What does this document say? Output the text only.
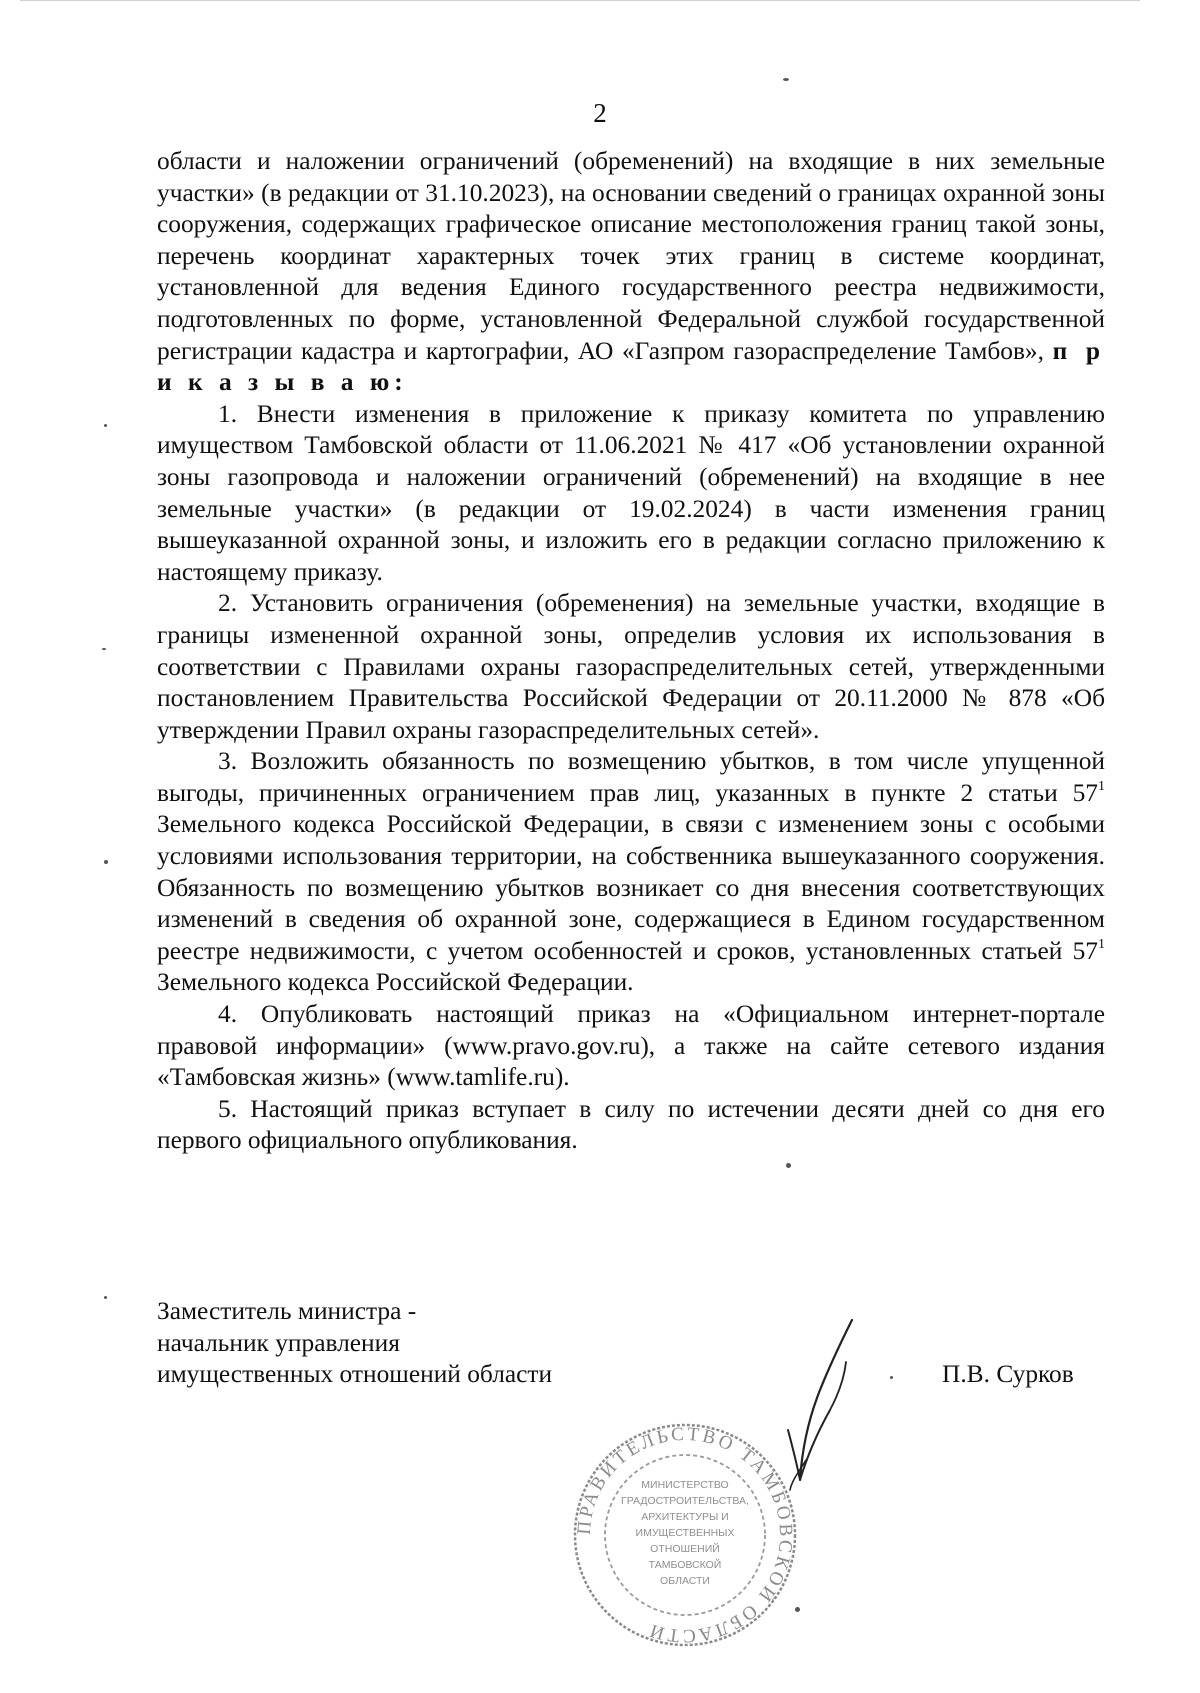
2

области и наложении ограничений (обременений) на входящие в них земельные участки» (в редакции от 31.10.2023), на основании сведений о границах охранной зоны сооружения, содержащих графическое описание местоположения границ такой зоны, перечень координат характерных точек этих границ в системе координат, установленной для ведения Единого государственного реестра недвижимости, подготовленных по форме, установленной Федеральной службой государственной регистрации кадастра и картографии, АО «Газпром газораспределение Тамбов», п р и к а з ы в а ю:

1. Внести изменения в приложение к приказу комитета по управлению имуществом Тамбовской области от 11.06.2021 № 417 «Об установлении охранной зоны газопровода и наложении ограничений (обременений) на входящие в нее земельные участки» (в редакции от 19.02.2024) в части изменения границ вышеуказанной охранной зоны, и изложить его в редакции согласно приложению к настоящему приказу.

2. Установить ограничения (обременения) на земельные участки, входящие в границы измененной охранной зоны, определив условия их использования в соответствии с Правилами охраны газораспределительных сетей, утвержденными постановлением Правительства Российской Федерации от 20.11.2000 № 878 «Об утверждении Правил охраны газораспределительных сетей».

3. Возложить обязанность по возмещению убытков, в том числе упущенной выгоды, причиненных ограничением прав лиц, указанных в пункте 2 статьи $57^1$ Земельного кодекса Российской Федерации, в связи с изменением зоны с особыми условиями использования территории, на собственника вышеуказанного сооружения. Обязанность по возмещению убытков возникает со дня внесения соответствующих изменений в сведения об охранной зоне, содержащиеся в Едином государственном реестре недвижимости, с учетом особенностей и сроков, установленных статьей $57^1$ Земельного кодекса Российской Федерации.

4. Опубликовать настоящий приказ на «Официальном интернет-портале правовой информации» (www.pravo.gov.ru), а также на сайте сетевого издания «Тамбовская жизнь» (www.tamlife.ru).

5. Настоящий приказ вступает в силу по истечении десяти дней со дня его первого официального опубликования.

Заместитель министра -
начальник управления
имущественных отношений области	П.В. Сурков
ПРАВИТЕЛЬСТВО ТАМБОВСКОЙ ОБЛАСТИ
МИНИСТЕРСТВО
ГРАДОСТРОИТЕЛЬСТВА,
АРХИТЕКТУРЫ И
ИМУЩЕСТВЕННЫХ
ОТНОШЕНИЙ
ТАМБОВСКОЙ
ОБЛАСТИ
